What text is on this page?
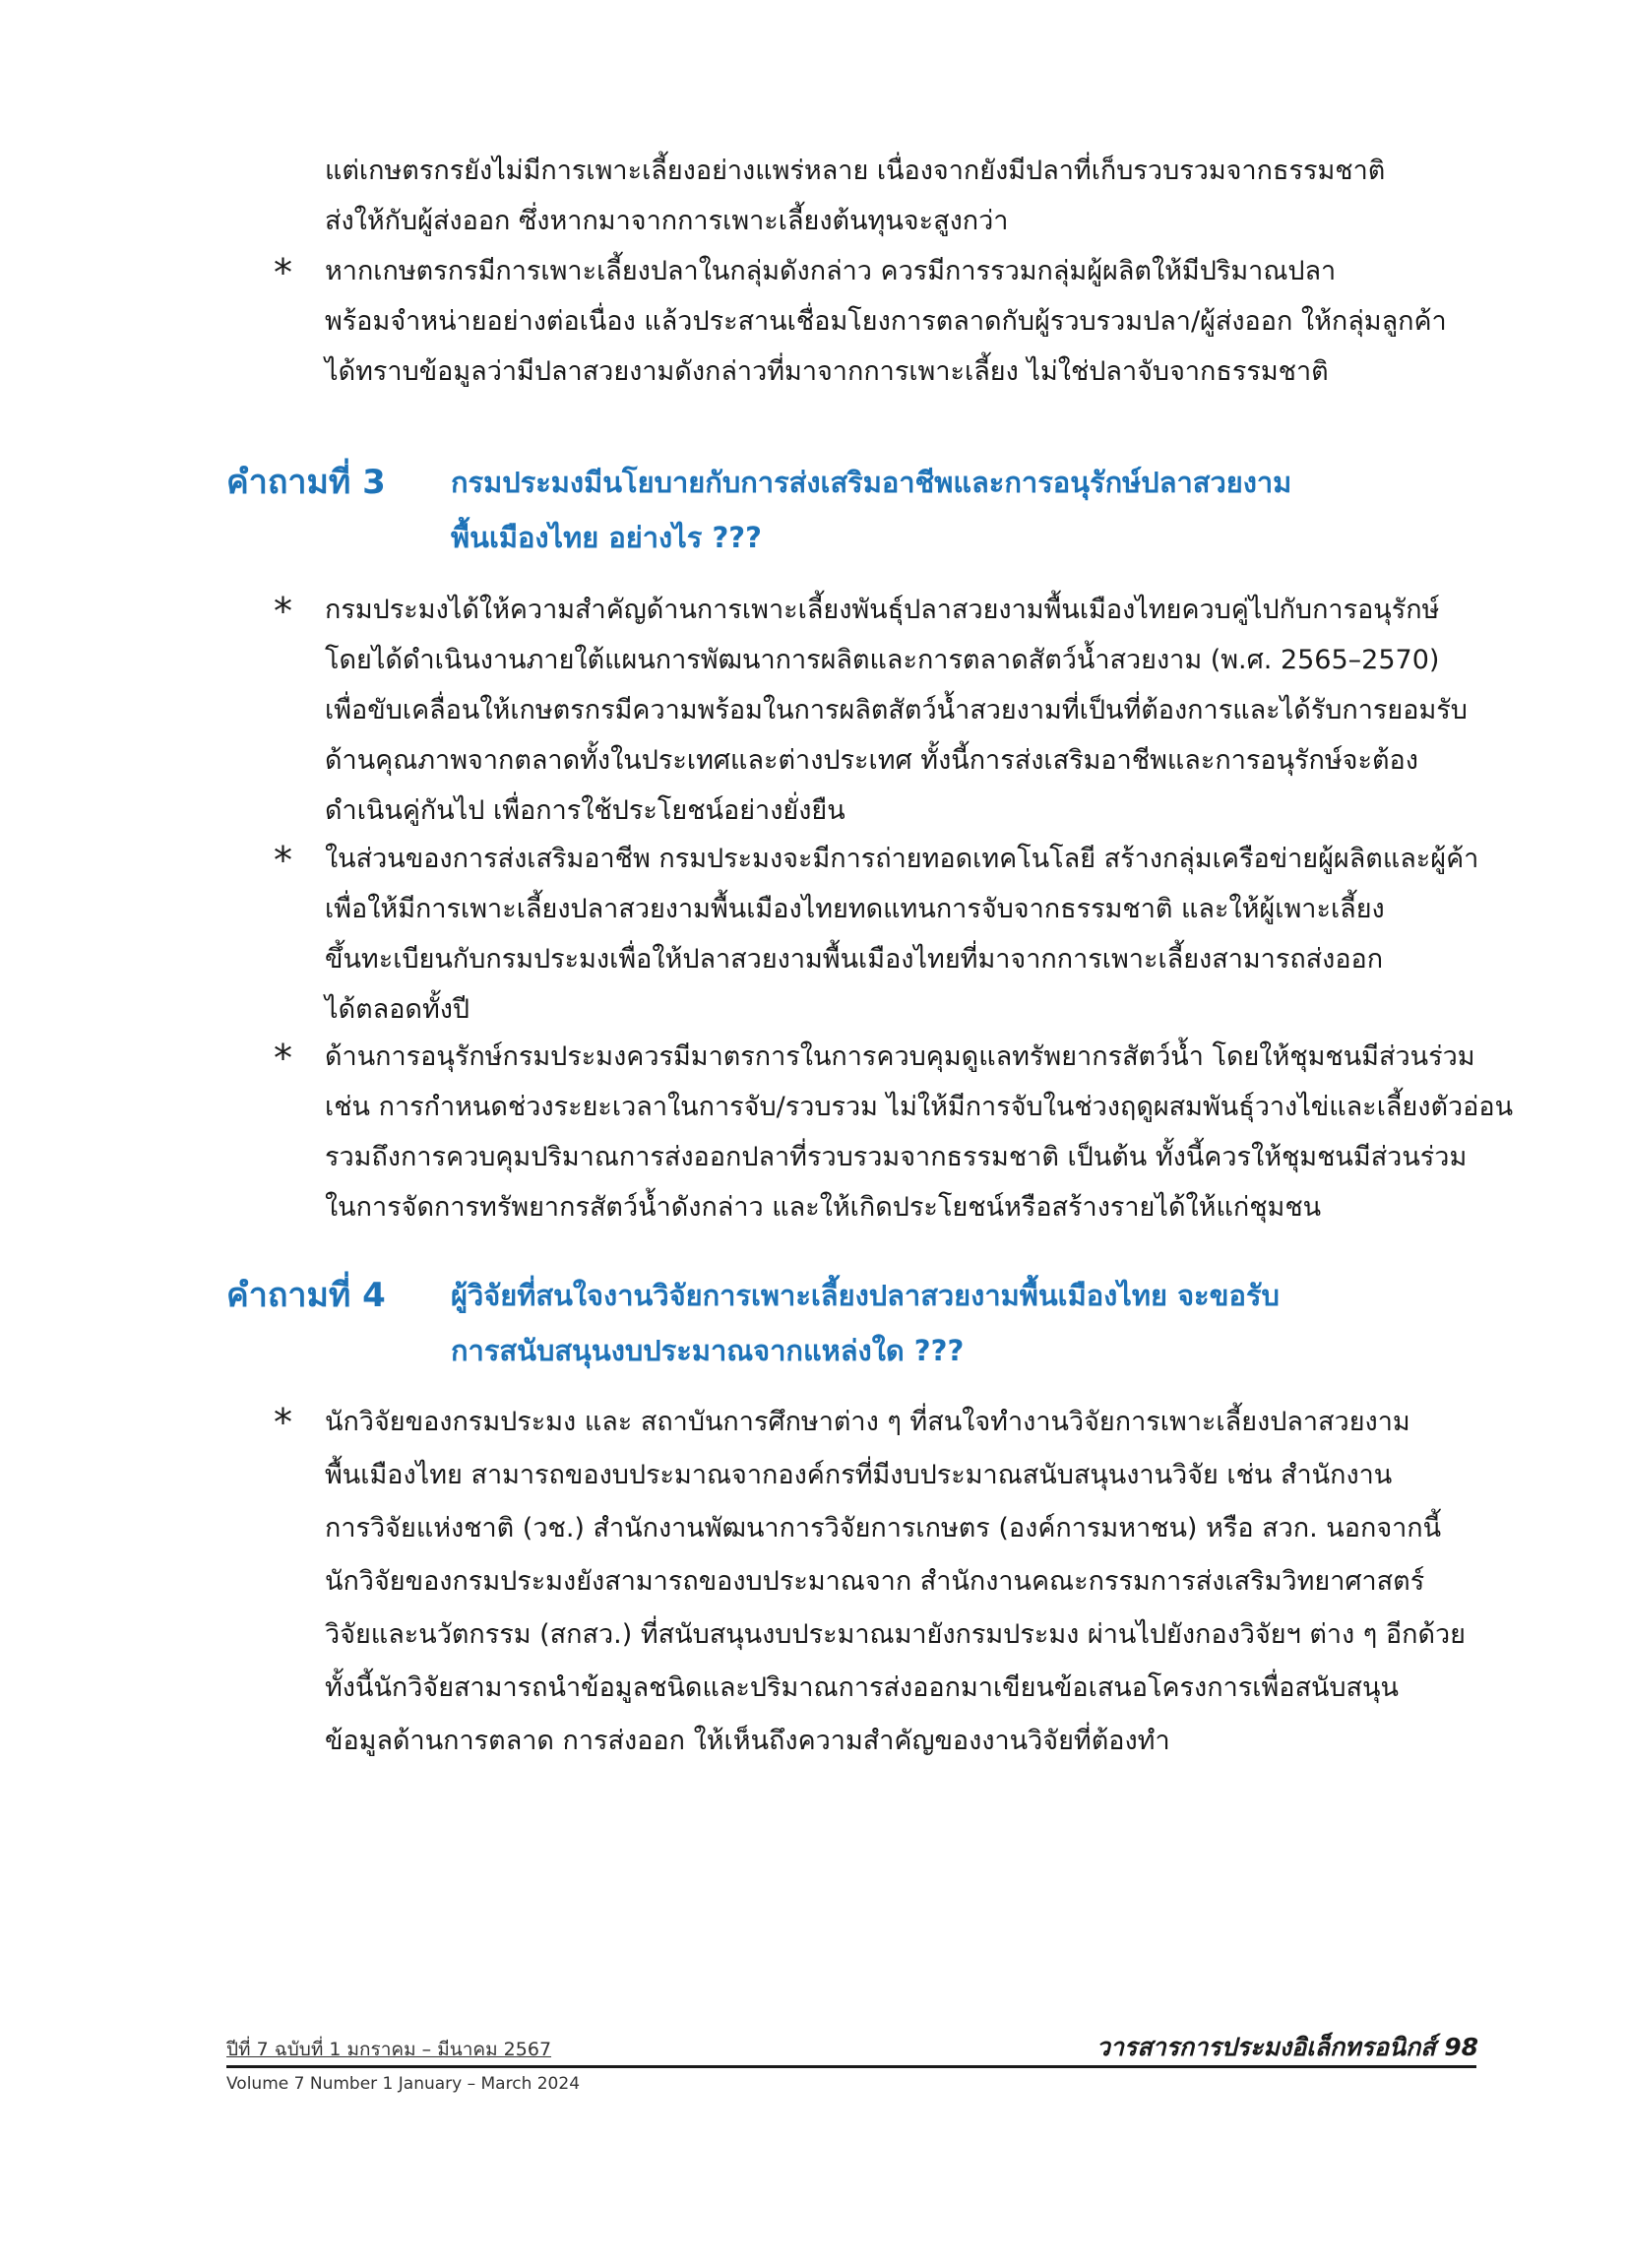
แต่เกษตรกรยังไม่มีการเพาะเลี้ยงอย่างแพร่หลาย เนื่องจากยังมีปลาที่เก็บรวบรวมจากธรรมชาติ
ส่งให้กับผู้ส่งออก ซึ่งหากมาจากการเพาะเลี้ยงต้นทุนจะสูงกว่า
* หากเกษตรกรมีการเพาะเลี้ยงปลาในกลุ่มดังกล่าว ควรมีการรวมกลุ่มผู้ผลิตให้มีปริมาณปลา
พร้อมจำหน่ายอย่างต่อเนื่อง แล้วประสานเชื่อมโยงการตลาดกับผู้รวบรวมปลา/ผู้ส่งออก ให้กลุ่มลูกค้า
ได้ทราบข้อมูลว่ามีปลาสวยงามดังกล่าวที่มาจากการเพาะเลี้ยง ไม่ใช่ปลาจับจากธรรมชาติ
คำถามที่ 3 กรมประมงมีนโยบายกับการส่งเสริมอาชีพและการอนุรักษ์ปลาสวยงาม
พื้นเมืองไทย อย่างไร ???
* กรมประมงได้ให้ความสำคัญด้านการเพาะเลี้ยงพันธุ์ปลาสวยงามพื้นเมืองไทยควบคู่ไปกับการอนุรักษ์
โดยได้ดำเนินงานภายใต้แผนการพัฒนาการผลิตและการตลาดสัตว์น้ำสวยงาม (พ.ศ. 2565–2570)
เพื่อขับเคลื่อนให้เกษตรกรมีความพร้อมในการผลิตสัตว์น้ำสวยงามที่เป็นที่ต้องการและได้รับการยอมรับ
ด้านคุณภาพจากตลาดทั้งในประเทศและต่างประเทศ ทั้งนี้การส่งเสริมอาชีพและการอนุรักษ์จะต้อง
ดำเนินคู่กันไป เพื่อการใช้ประโยชน์อย่างยั่งยืน
* ในส่วนของการส่งเสริมอาชีพ กรมประมงจะมีการถ่ายทอดเทคโนโลยี สร้างกลุ่มเครือข่ายผู้ผลิตและผู้ค้า
เพื่อให้มีการเพาะเลี้ยงปลาสวยงามพื้นเมืองไทยทดแทนการจับจากธรรมชาติ และให้ผู้เพาะเลี้ยง
ขึ้นทะเบียนกับกรมประมงเพื่อให้ปลาสวยงามพื้นเมืองไทยที่มาจากการเพาะเลี้ยงสามารถส่งออก
ได้ตลอดทั้งปี
* ด้านการอนุรักษ์กรมประมงควรมีมาตรการในการควบคุมดูแลทรัพยากรสัตว์น้ำ โดยให้ชุมชนมีส่วนร่วม
เช่น การกำหนดช่วงระยะเวลาในการจับ/รวบรวม ไม่ให้มีการจับในช่วงฤดูผสมพันธุ์วางไข่และเลี้ยงตัวอ่อน
รวมถึงการควบคุมปริมาณการส่งออกปลาที่รวบรวมจากธรรมชาติ เป็นต้น ทั้งนี้ควรให้ชุมชนมีส่วนร่วม
ในการจัดการทรัพยากรสัตว์น้ำดังกล่าว และให้เกิดประโยชน์หรือสร้างรายได้ให้แก่ชุมชน
คำถามที่ 4 ผู้วิจัยที่สนใจงานวิจัยการเพาะเลี้ยงปลาสวยงามพื้นเมืองไทย จะขอรับ
การสนับสนุนงบประมาณจากแหล่งใด ???
* นักวิจัยของกรมประมง และ สถาบันการศึกษาต่าง ๆ ที่สนใจทำงานวิจัยการเพาะเลี้ยงปลาสวยงาม
พื้นเมืองไทย สามารถของบประมาณจากองค์กรที่มีงบประมาณสนับสนุนงานวิจัย เช่น สำนักงาน
การวิจัยแห่งชาติ (วช.) สำนักงานพัฒนาการวิจัยการเกษตร (องค์การมหาชน) หรือ สวก. นอกจากนี้
นักวิจัยของกรมประมงยังสามารถของบประมาณจาก สำนักงานคณะกรรมการส่งเสริมวิทยาศาสตร์
วิจัยและนวัตกรรม (สกสว.) ที่สนับสนุนงบประมาณมายังกรมประมง ผ่านไปยังกองวิจัยฯ ต่าง ๆ อีกด้วย
ทั้งนี้นักวิจัยสามารถนำข้อมูลชนิดและปริมาณการส่งออกมาเขียนข้อเสนอโครงการเพื่อสนับสนุน
ข้อมูลด้านการตลาด การส่งออก ให้เห็นถึงความสำคัญของงานวิจัยที่ต้องทำ
ปีที่ 7 ฉบับที่ 1 มกราคม – มีนาคม 2567
Volume 7 Number 1 January – March 2024
วารสารการประมงอิเล็กทรอนิกส์ 98
